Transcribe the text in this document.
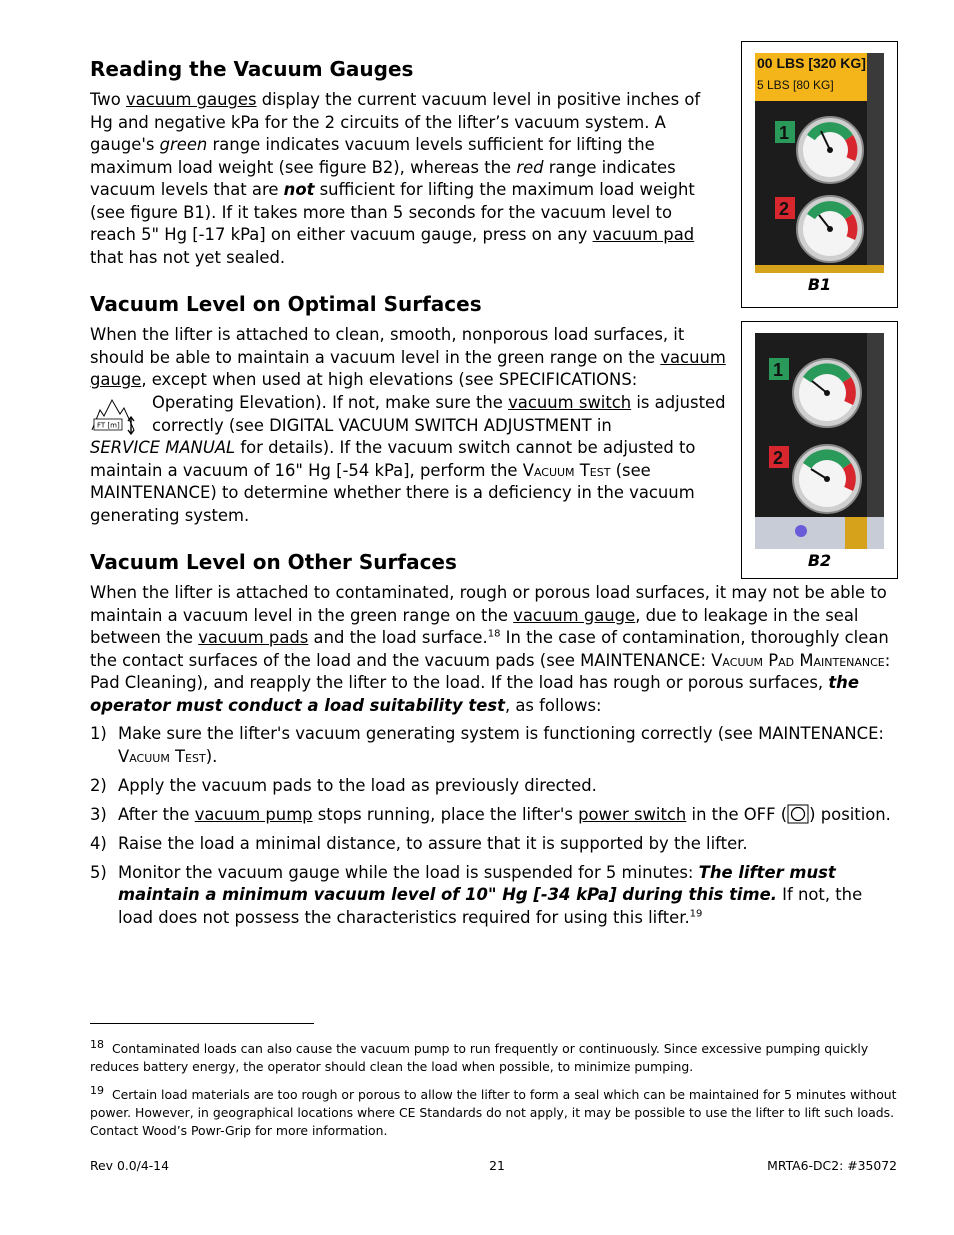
Reading the Vacuum Gauges

Two vacuum gauges display the current vacuum level in positive inches of Hg and negative kPa for the 2 circuits of the lifter’s vacuum system. A gauge's green range indicates vacuum levels sufficient for lifting the maximum load weight (see figure B2), whereas the red range indicates vacuum levels that are not sufficient for lifting the maximum load weight (see figure B1). If it takes more than 5 seconds for the vacuum level to reach 5" Hg [-17 kPa] on either vacuum gauge, press on any vacuum pad that has not yet sealed.

Vacuum Level on Optimal Surfaces

When the lifter is attached to clean, smooth, nonporous load surfaces, it should be able to maintain a vacuum level in the green range on the vacuum gauge, except when used at high elevations (see SPECIFICATIONS:

FT [m]

Operating Elevation). If not, make sure the vacuum switch is adjusted correctly (see DIGITAL VACUUM SWITCH ADJUSTMENT in

SERVICE MANUAL for details). If the vacuum switch cannot be adjusted to maintain a vacuum of 16" Hg [-54 kPa], perform the Vacuum Test (see MAINTENANCE) to determine whether there is a deficiency in the vacuum generating system.

Vacuum Level on Other Surfaces

When the lifter is attached to contaminated, rough or porous load surfaces, it may not be able to maintain a vacuum level in the green range on the vacuum gauge, due to leakage in the seal between the vacuum pads and the load surface.$^{18}$ In the case of contamination, thoroughly clean the contact surfaces of the load and the vacuum pads (see MAINTENANCE: Vacuum Pad Maintenance: Pad Cleaning), and reapply the lifter to the load. If the load has rough or porous surfaces, the operator must conduct a load suitability test, as follows:

1) Make sure the lifter's vacuum generating system is functioning correctly (see MAINTENANCE: Vacuum Test).
2) Apply the vacuum pads to the load as previously directed.
3) After the vacuum pump stops running, place the lifter's power switch in the OFF ( ) position.
4) Raise the load a minimal distance, to assure that it is supported by the lifter.
5) Monitor the vacuum gauge while the load is suspended for 5 minutes: The lifter must maintain a minimum vacuum level of 10" Hg [-34 kPa] during this time. If not, the load does not possess the characteristics required for using this lifter.$^{19}$
00 LBS [320 KG]
5 LBS [80 KG]
1
2
B1
1
2
B2

18 Contaminated loads can also cause the vacuum pump to run frequently or continuously. Since excessive pumping quickly reduces battery energy, the operator should clean the load when possible, to minimize pumping.

19 Certain load materials are too rough or porous to allow the lifter to form a seal which can be maintained for 5 minutes without power. However, in geographical locations where CE Standards do not apply, it may be possible to use the lifter to lift such loads. Contact Wood’s Powr-Grip for more information.

Rev 0.0/4-14	21	MRTA6-DC2: #35072
